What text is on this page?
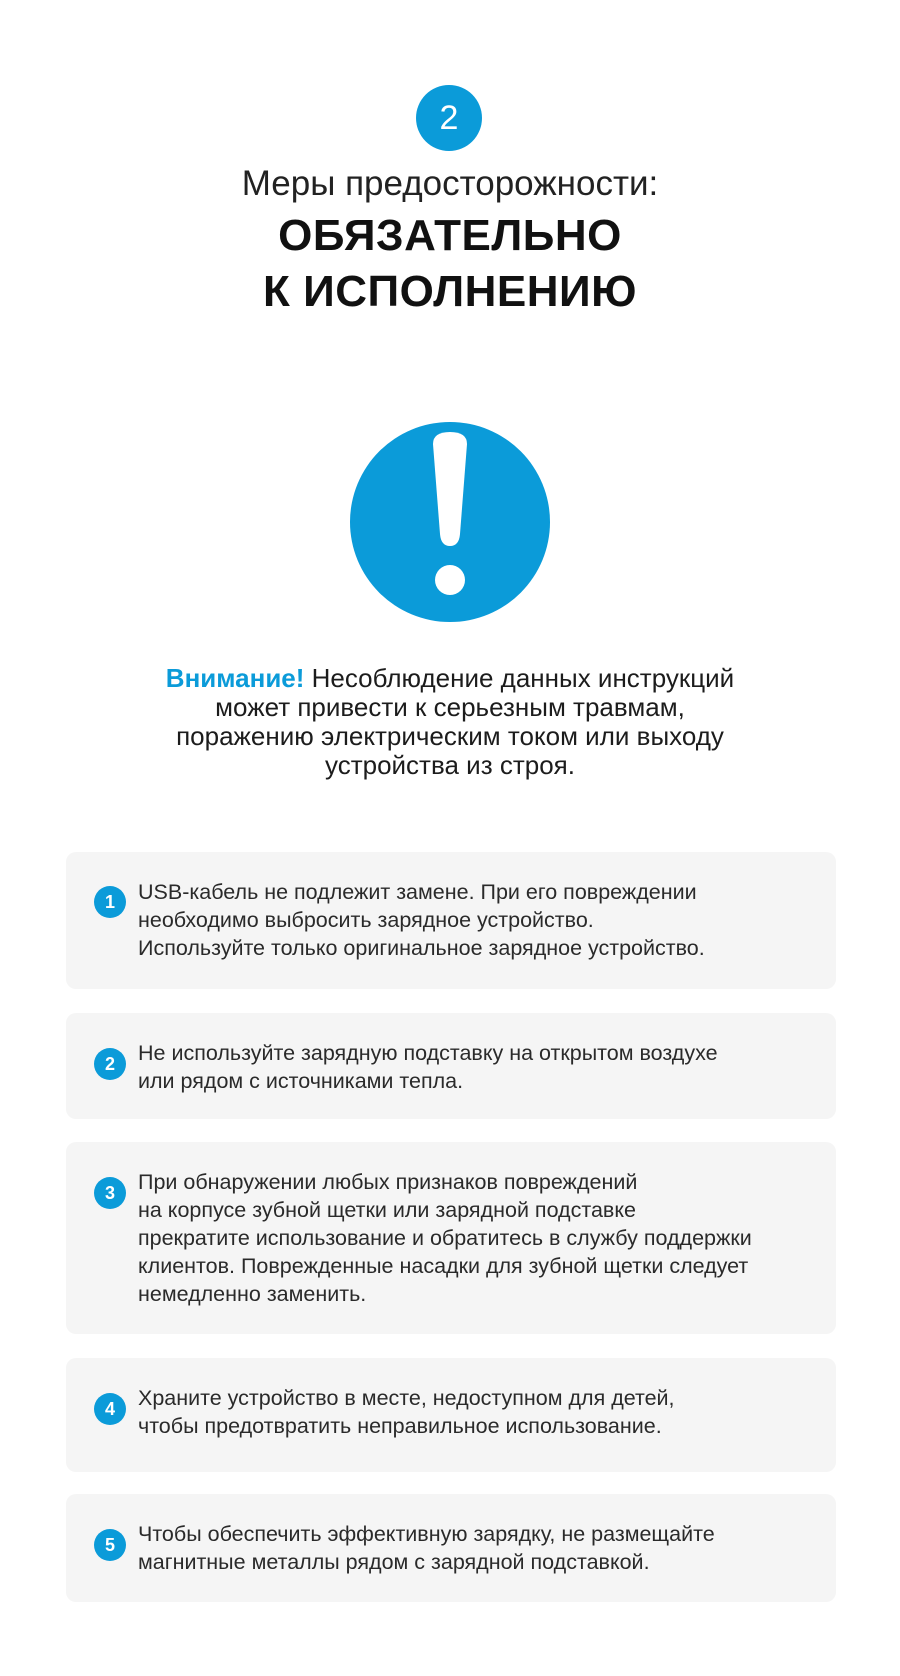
2
Меры предосторожности:
ОБЯЗАТЕЛЬНО
К ИСПОЛНЕНИЮ
Внимание! Несоблюдение данных инструкций
может привести к серьезным травмам,
поражению электрическим током или выходу
устройства из строя.
1	USB-кабель не подлежит замене. При его повреждении
необходимо выбросить зарядное устройство.
Используйте только оригинальное зарядное устройство.
2	Не используйте зарядную подставку на открытом воздухе
или рядом с источниками тепла.
3	При обнаружении любых признаков повреждений
на корпусе зубной щетки или зарядной подставке
прекратите использование и обратитесь в службу поддержки
клиентов. Поврежденные насадки для зубной щетки следует
немедленно заменить.
4	Храните устройство в месте, недоступном для детей,
чтобы предотвратить неправильное использование.
5	Чтобы обеспечить эффективную зарядку, не размещайте
магнитные металлы рядом с зарядной подставкой.
